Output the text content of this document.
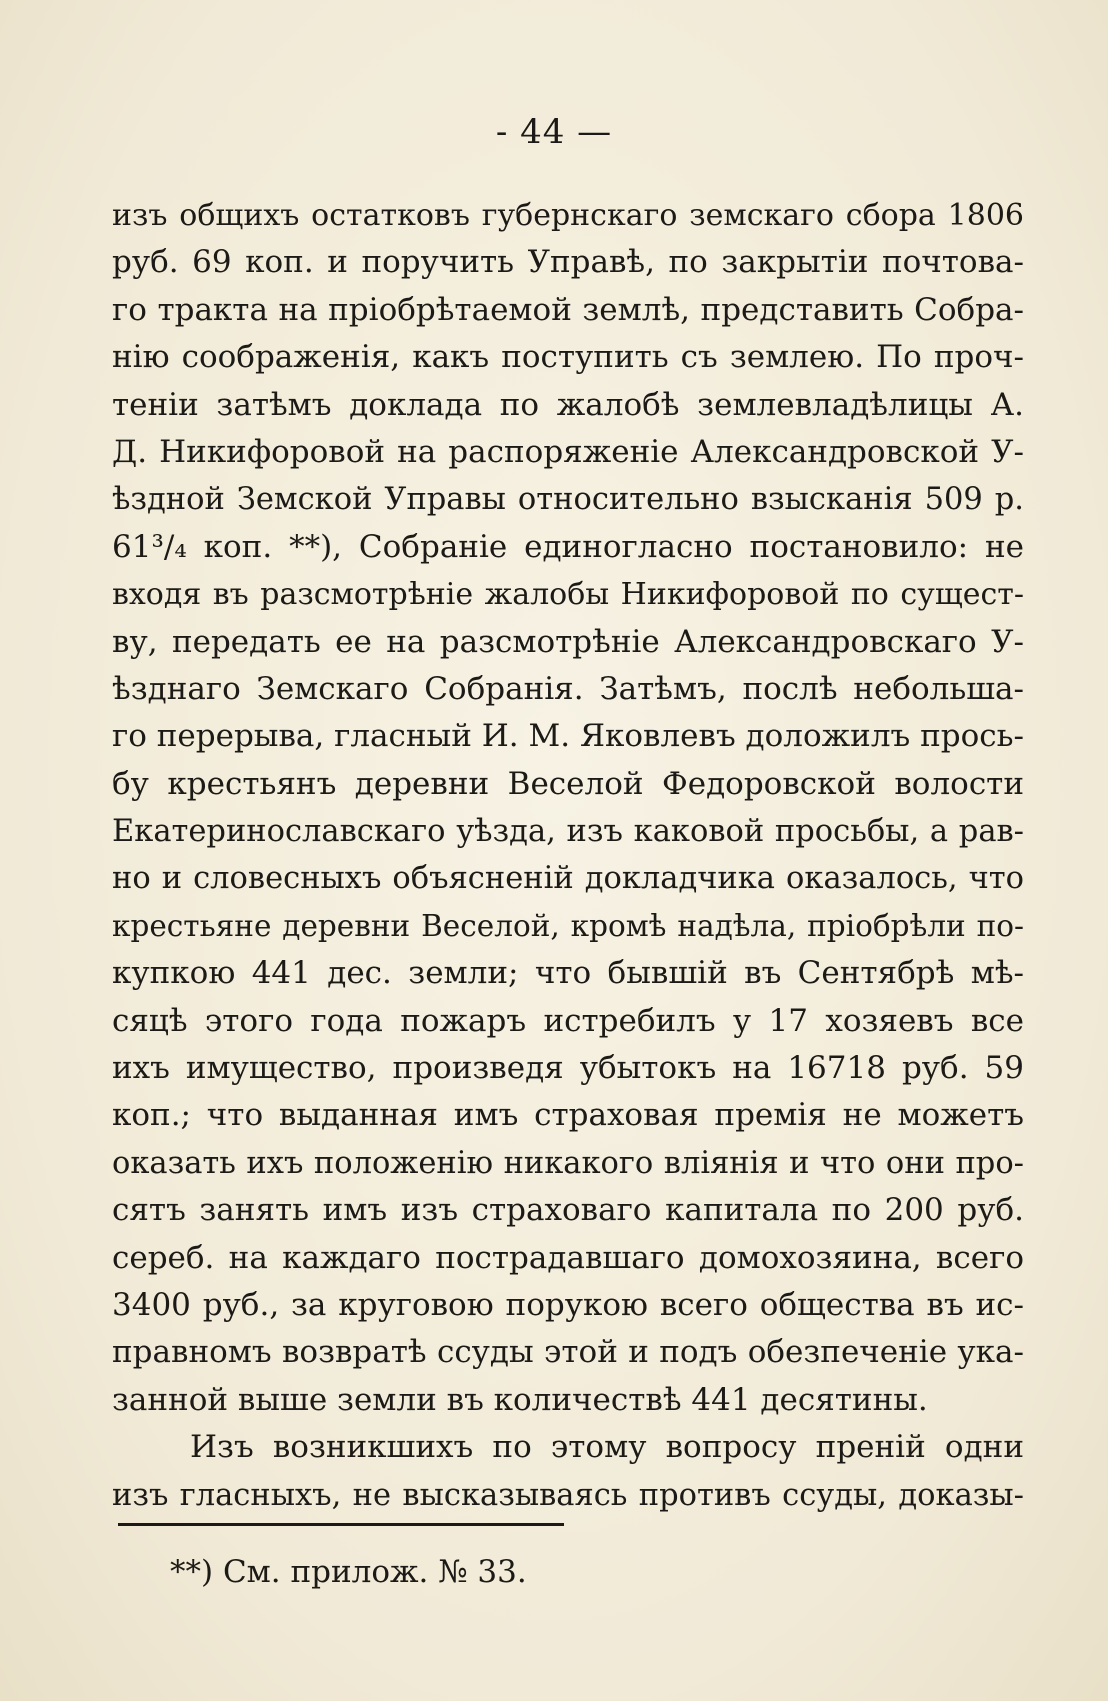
- 44 —
изъ общихъ остатковъ губернскаго земскаго сбора 1806
руб. 69 коп. и поручить Управѣ, по закрытіи почтова-
го тракта на пріобрѣтаемой землѣ, представить Собра-
нію соображенія, какъ поступить съ землею. По проч-
теніи затѣмъ доклада по жалобѣ землевладѣлицы А.
Д. Никифоровой на распоряженіе Александровской У-
ѣздной Земской Управы относительно взысканія 509 р.
61³/₄ коп. **), Собраніе единогласно постановило: не
входя въ разсмотрѣніе жалобы Никифоровой по сущест-
ву, передать ее на разсмотрѣніе Александровскаго У-
ѣзднаго Земскаго Собранія. Затѣмъ, послѣ небольша-
го перерыва, гласный И. М. Яковлевъ доложилъ прось-
бу крестьянъ деревни Веселой Федоровской волости
Екатеринославскаго уѣзда, изъ каковой просьбы, а рав-
но и словесныхъ объясненій докладчика оказалось, что
крестьяне деревни Веселой, кромѣ надѣла, пріобрѣли по-
купкою 441 дес. земли; что бывшій въ Сентябрѣ мѣ-
сяцѣ этого года пожаръ истребилъ у 17 хозяевъ все
ихъ имущество, произведя убытокъ на 16718 руб. 59
коп.; что выданная имъ страховая премія не можетъ
оказать ихъ положенію никакого вліянія и что они про-
сятъ занять имъ изъ страховаго капитала по 200 руб.
сереб. на каждаго пострадавшаго домохозяина, всего
3400 руб., за круговою порукою всего общества въ ис-
правномъ возвратѣ ссуды этой и подъ обезпеченіе ука-
занной выше земли въ количествѣ 441 десятины.
Изъ возникшихъ по этому вопросу преній одни
изъ гласныхъ, не высказываясь противъ ссуды, доказы-
**) См. прилож. № 33.
